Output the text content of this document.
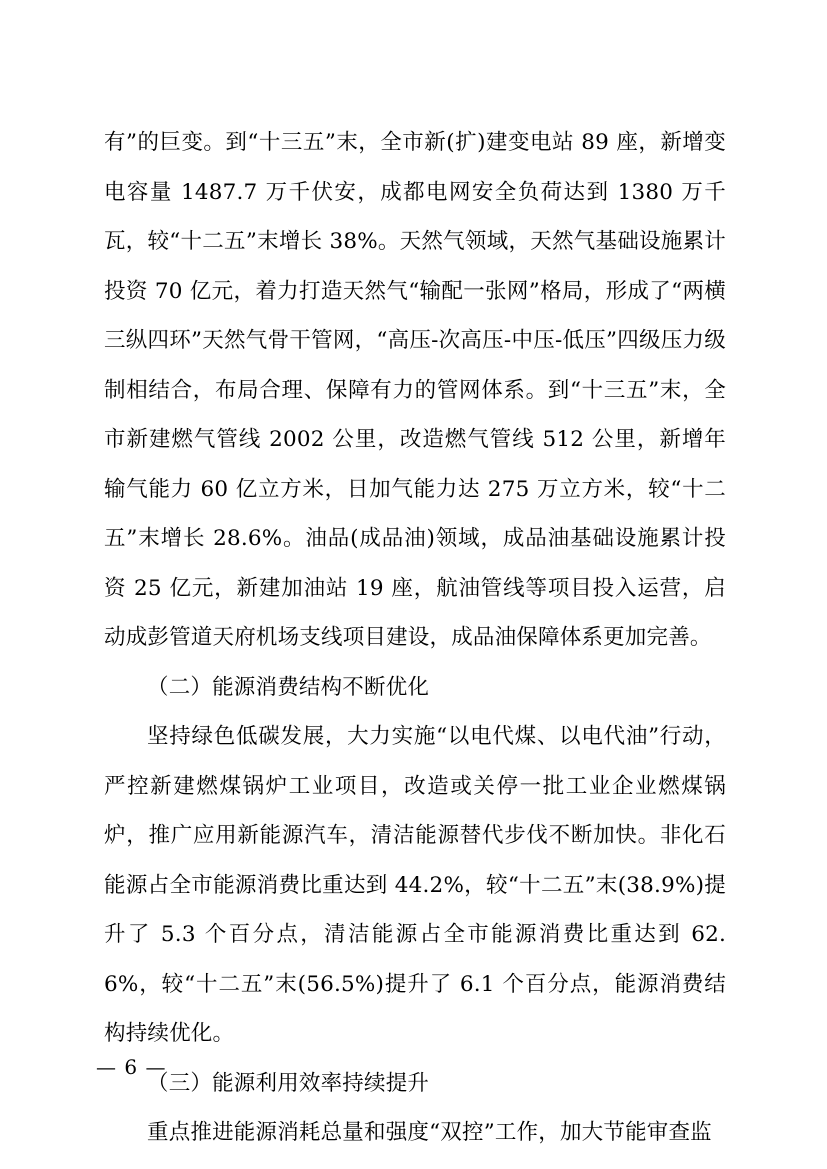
有”的巨变。到“十三五”末，全市新(扩)建变电站 89 座，新增变电容量 1487.7 万千伏安，成都电网安全负荷达到 1380 万千瓦，较“十二五”末增长 38%。天然气领域，天然气基础设施累计投资 70 亿元，着力打造天然气“输配一张网”格局，形成了“两横三纵四环”天然气骨干管网，“高压-次高压-中压-低压”四级压力级制相结合，布局合理、保障有力的管网体系。到“十三五”末，全市新建燃气管线 2002 公里，改造燃气管线 512 公里，新增年输气能力 60 亿立方米，日加气能力达 275 万立方米，较“十二五”末增长 28.6%。油品(成品油)领域，成品油基础设施累计投资 25 亿元，新建加油站 19 座，航油管线等项目投入运营，启动成彭管道天府机场支线项目建设，成品油保障体系更加完善。

（二）能源消费结构不断优化

坚持绿色低碳发展，大力实施“以电代煤、以电代油”行动，严控新建燃煤锅炉工业项目，改造或关停一批工业企业燃煤锅炉，推广应用新能源汽车，清洁能源替代步伐不断加快。非化石能源占全市能源消费比重达到 44.2%，较“十二五”末(38.9%)提升了 5.3 个百分点，清洁能源占全市能源消费比重达到 62.6%，较“十二五”末(56.5%)提升了 6.1 个百分点，能源消费结构持续优化。

（三）能源利用效率持续提升

重点推进能源消耗总量和强度“双控”工作，加大节能审查监

— 6 —
